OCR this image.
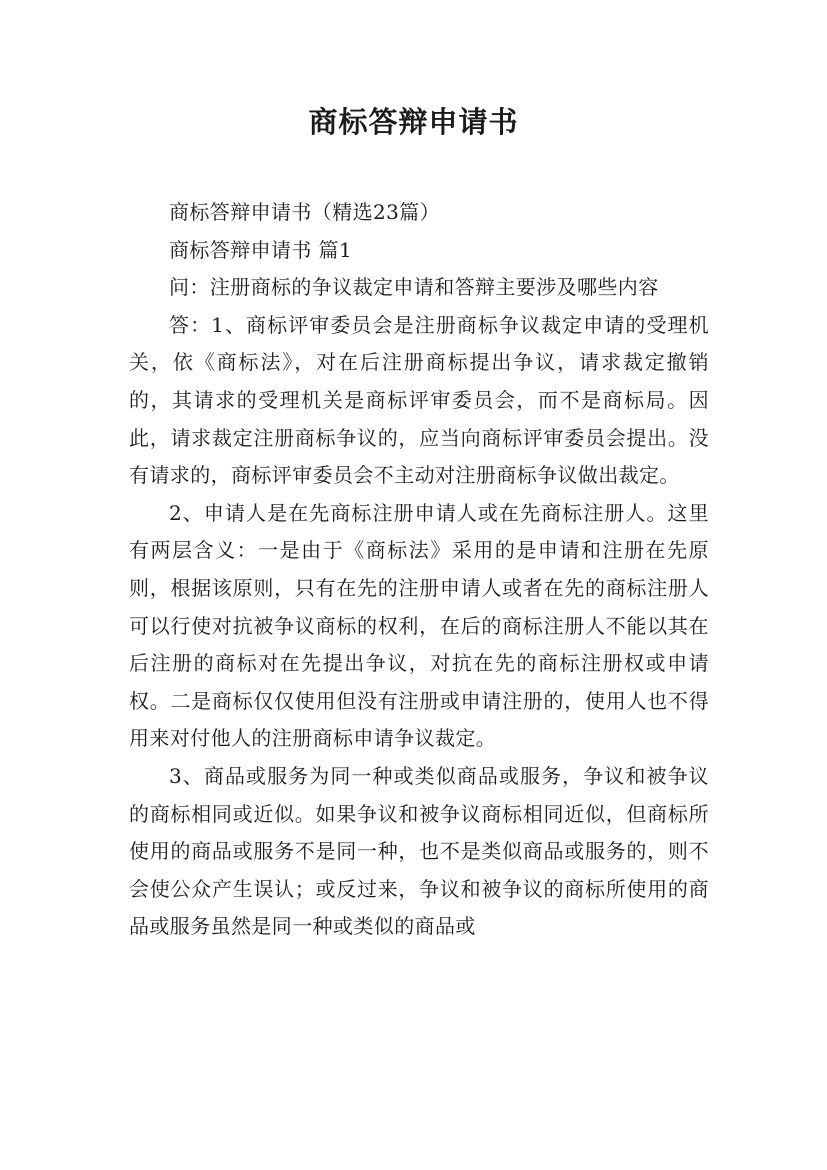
商标答辩申请书

商标答辩申请书（精选23篇）

商标答辩申请书 篇1

问：注册商标的争议裁定申请和答辩主要涉及哪些内容

答：1、商标评审委员会是注册商标争议裁定申请的受理机关，依《商标法》，对在后注册商标提出争议，请求裁定撤销的，其请求的受理机关是商标评审委员会，而不是商标局。因此，请求裁定注册商标争议的，应当向商标评审委员会提出。没有请求的，商标评审委员会不主动对注册商标争议做出裁定。

2、申请人是在先商标注册申请人或在先商标注册人。这里有两层含义：一是由于《商标法》采用的是申请和注册在先原则，根据该原则，只有在先的注册申请人或者在先的商标注册人可以行使对抗被争议商标的权利，在后的商标注册人不能以其在后注册的商标对在先提出争议，对抗在先的商标注册权或申请权。二是商标仅仅使用但没有注册或申请注册的，使用人也不得用来对付他人的注册商标申请争议裁定。

3、商品或服务为同一种或类似商品或服务，争议和被争议的商标相同或近似。如果争议和被争议商标相同近似，但商标所使用的商品或服务不是同一种，也不是类似商品或服务的，则不会使公众产生误认；或反过来，争议和被争议的商标所使用的商品或服务虽然是同一种或类似的商品或
